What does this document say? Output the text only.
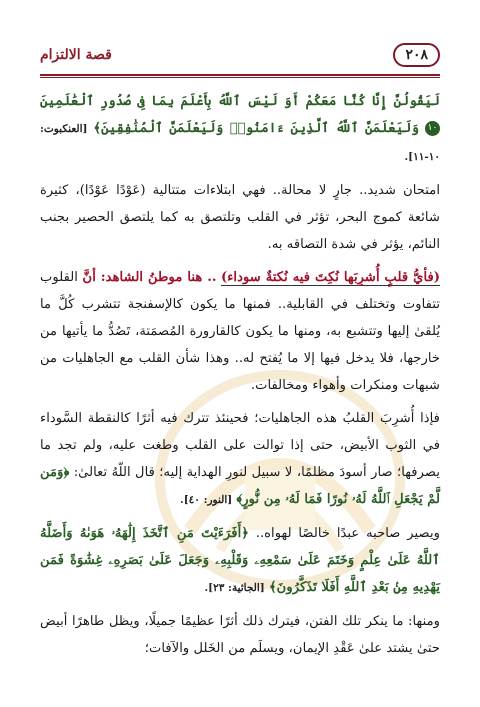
٢٠٨
قصة الالتزام

لَيَقُولُنَّ إِنَّا كُنَّا مَعَكُمْ أَوَ لَيْسَ ٱللَّهُ بِأَعْلَمَ بِمَا فِى صُدُورِ ٱلْعَٰلَمِينَ ١٠ وَلَيَعْلَمَنَّ ٱللَّهُ ٱلَّذِينَ ءَامَنُوا۟ وَلَيَعْلَمَنَّ ٱلْمُنَٰفِقِينَ﴾ [العنكبوت: ١٠-١١].

امتحان شديد.. جارٍ لا محالة.. فهي ابتلاءات متتالية (عَوْدًا عَوْدًا)، كثيرة شائعة كموج البحر، تؤثر في القلب وتلتصق به كما يلتصق الحصير بجنب النائم، يؤثر في شدة التصاقه به.

(فأيُّ قلبٍ أُشرِبَها نُكِتَ فيه نُكتةٌ سوداء) .. هنا موطنُ الشاهد: أنَّ القلوب تتفاوت وتختلف في القابلية.. فمنها ما يكون كالإسفنجة تتشرب كُلَّ ما يُلقىٰ إليها وتتشبع به، ومنها ما يكون كالقارورة المُصمَتة، تَصُدُّ ما يأتيها من خارجها، فلا يدخل فيها إلا ما يُفتح له.. وهذا شأن القلب مع الجاهليات من شبهات ومنكرات وأهواء ومخالفات.

فإذا أُشرِبَ القلبُ هذه الجاهليات؛ فحينئذ تترك فيه أثرًا كالنقطة السَّوداء في الثوب الأبيض، حتى إذا توالت على القلب وطغت عليه، ولم تجد ما يصرفها؛ صار أسودَ مظلمًا، لا سبيل لنورِ الهداية إليه؛ قال اللّهُ تعالىٰ: ﴿وَمَن لَّمْ يَجْعَلِ ٱللَّهُ لَهُۥ نُورًا فَمَا لَهُۥ مِن نُّورٍ﴾ [النور: ٤٠].

ويصير صاحبه عبدًا خالصًا لهواه.. ﴿أَفَرَءَيْتَ مَنِ ٱتَّخَذَ إِلَٰهَهُۥ هَوَىٰهُ وَأَضَلَّهُ ٱللَّهُ عَلَىٰ عِلْمٍ وَخَتَمَ عَلَىٰ سَمْعِهِۦ وَقَلْبِهِۦ وَجَعَلَ عَلَىٰ بَصَرِهِۦ غِشَٰوَةً فَمَن يَهْدِيهِ مِنۢ بَعْدِ ٱللَّهِ أَفَلَا تَذَكَّرُونَ﴾ [الجاثية: ٢٣].

ومنها: ما ينكر تلك الفتن، فيترك ذلك أثرًا عظيمًا جميلًا، ويظل طاهرًا أبيض حتىٰ يشتد علىٰ عَقْدِ الإيمان، ويسلَم من الخَلل والآفات؛
